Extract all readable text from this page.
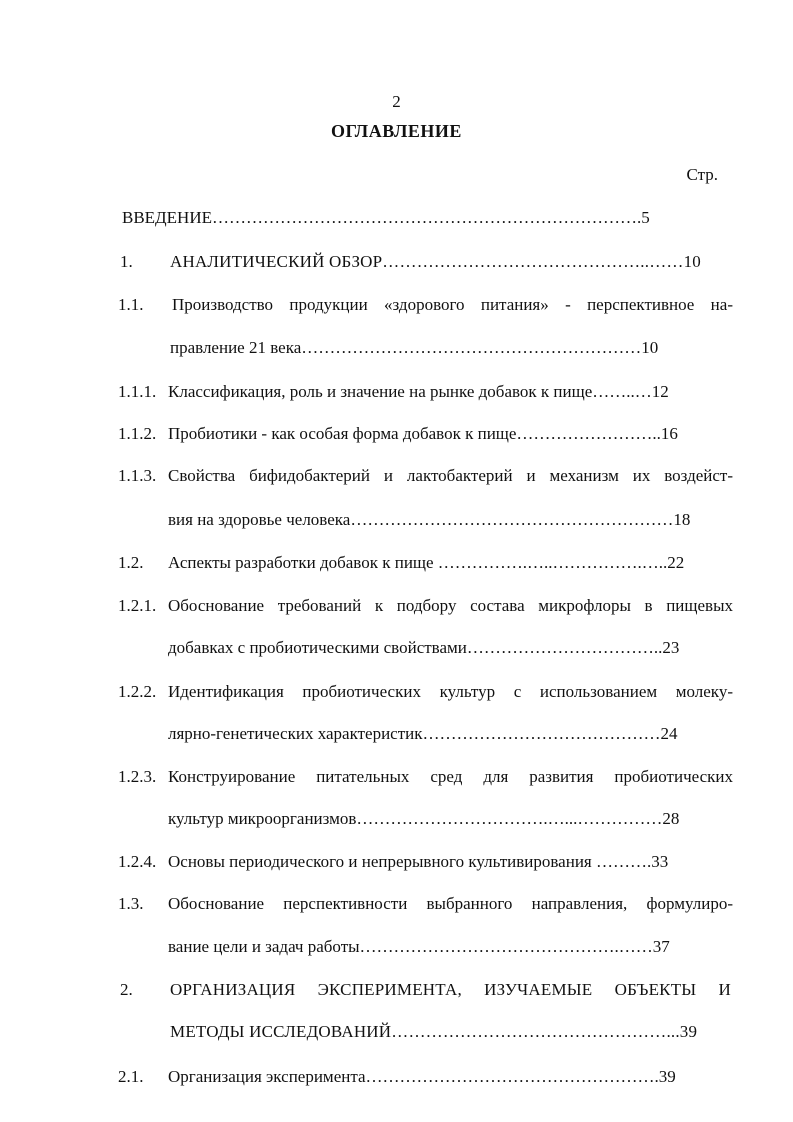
2
ОГЛАВЛЕНИЕ
Стр.
ВВЕДЕНИЕ………………………………………………………………….5
1. АНАЛИТИЧЕСКИЙ ОБЗОР………………………………………..……10
1.1. Производство продукции «здорового питания» - перспективное на-
правление 21 века……………………………………………………10
1.1.1. Классификация, роль и значение на рынке добавок к пище……..…12
1.1.2. Пробиотики - как особая форма добавок к пище……………………..16
1.1.3. Свойства бифидобактерий и лактобактерий и механизм их воздейст-
вия на здоровье человека…………………………………………………18
1.2. Аспекты разработки добавок к пище …………….…..…………….…..22
1.2.1. Обоснование требований к подбору состава микрофлоры в пищевых
добавках с пробиотическими свойствами……………………………..23
1.2.2. Идентификация пробиотических культур с использованием молеку-
лярно-генетических характеристик……………………………………24
1.2.3. Конструирование питательных сред для развития пробиотических
культур микроорганизмов…………………………….…...……………28
1.2.4. Основы периодического и непрерывного культивирования ……….33
1.3. Обоснование перспективности выбранного направления, формулиро-
вание цели и задач работы……………………………………….……37
2. ОРГАНИЗАЦИЯ ЭКСПЕРИМЕНТА, ИЗУЧАЕМЫЕ ОБЪЕКТЫ И
МЕТОДЫ ИССЛЕДОВАНИЙ…………………………………………...39
2.1. Организация эксперимента…………………………………………….39
